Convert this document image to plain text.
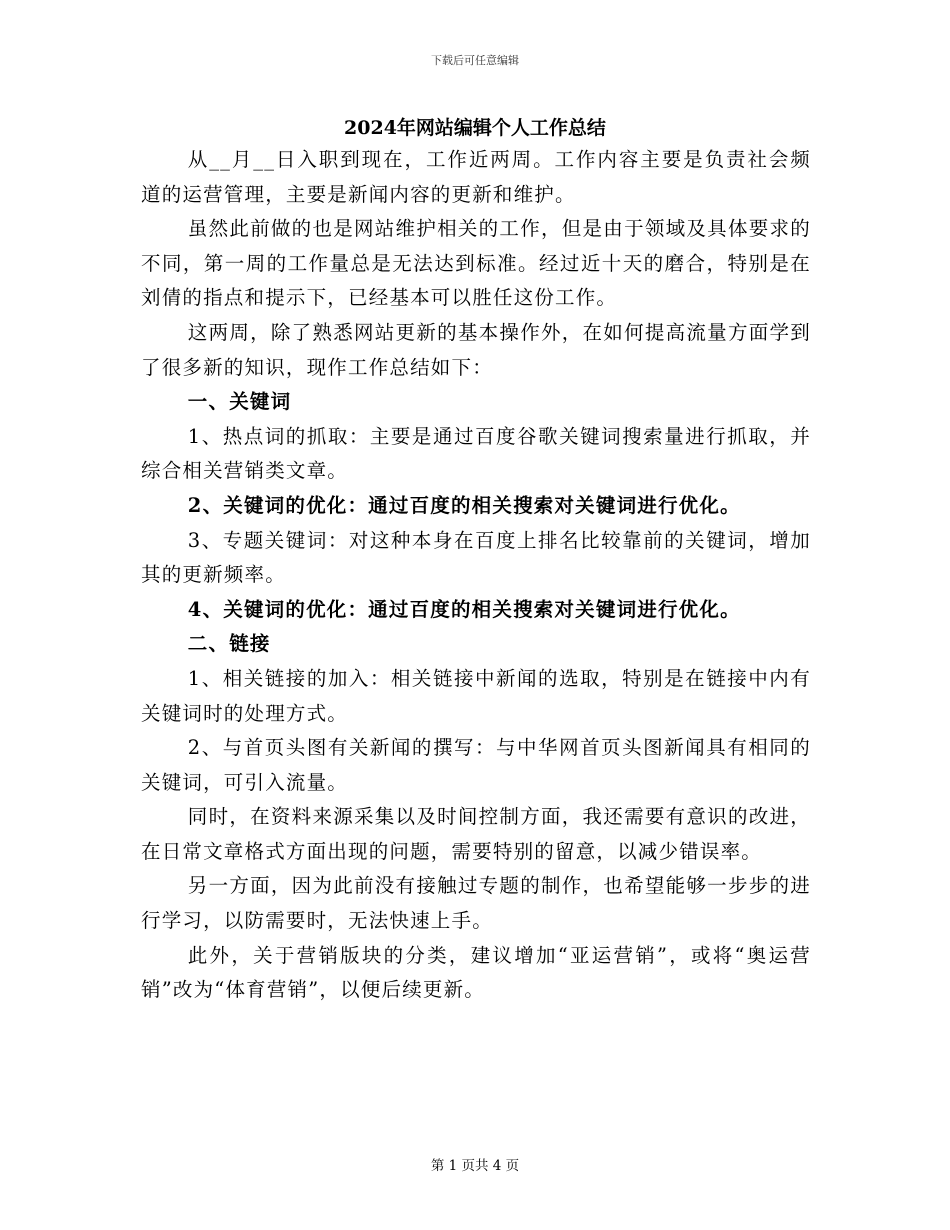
下载后可任意编辑
2024年网站编辑个人工作总结

从__月__日入职到现在，工作近两周。工作内容主要是负责社会频道的运营管理，主要是新闻内容的更新和维护。

虽然此前做的也是网站维护相关的工作，但是由于领域及具体要求的不同，第一周的工作量总是无法达到标准。经过近十天的磨合，特别是在刘倩的指点和提示下，已经基本可以胜任这份工作。

这两周，除了熟悉网站更新的基本操作外，在如何提高流量方面学到了很多新的知识，现作工作总结如下：

一、关键词

1、热点词的抓取：主要是通过百度谷歌关键词搜索量进行抓取，并综合相关营销类文章。

2、关键词的优化：通过百度的相关搜索对关键词进行优化。

3、专题关键词：对这种本身在百度上排名比较靠前的关键词，增加其的更新频率。

4、关键词的优化：通过百度的相关搜索对关键词进行优化。

二、链接

1、相关链接的加入：相关链接中新闻的选取，特别是在链接中内有关键词时的处理方式。

2、与首页头图有关新闻的撰写：与中华网首页头图新闻具有相同的关键词，可引入流量。

同时，在资料来源采集以及时间控制方面，我还需要有意识的改进，在日常文章格式方面出现的问题，需要特别的留意，以减少错误率。

另一方面，因为此前没有接触过专题的制作，也希望能够一步步的进行学习，以防需要时，无法快速上手。

此外，关于营销版块的分类，建议增加“亚运营销”，或将“奥运营销”改为“体育营销”，以便后续更新。

第 1 页共 4 页
